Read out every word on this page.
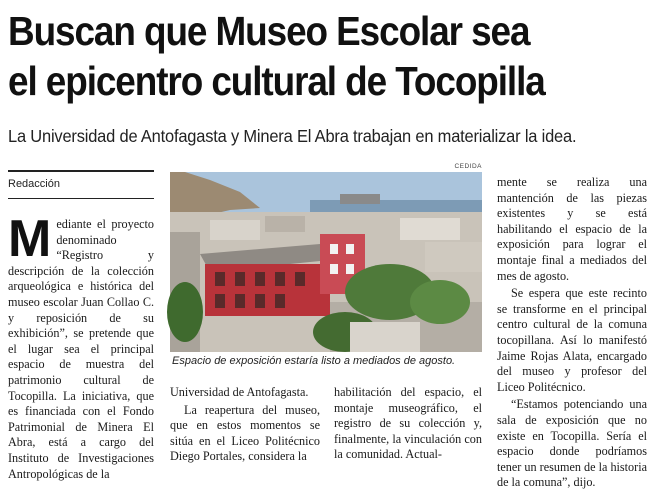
Buscan que Museo Escolar sea
el epicentro cultural de Tocopilla
La Universidad de Antofagasta y Minera El Abra trabajan en materializar la idea.
Redacción
M ediante el proyecto denominado “Registro y descripción de la colección arqueológica e histórica del museo escolar Juan Collao C. y reposición de su exhibición”, se pretende que el lugar sea el principal espacio de muestra del patrimonio cultural de Tocopilla. La iniciativa, que es financiada con el Fondo Patrimonial de Minera El Abra, está a cargo del Instituto de Investigaciones Antropológicas de la

CEDIDA
Espacio de exposición estaría listo a mediados de agosto.

Universidad de Antofagasta.

La reapertura del museo, que en estos momentos se sitúa en el Liceo Politécnico Diego Portales, considera la

habilitación del espacio, el montaje museográfico, el registro de su colección y, finalmente, la vinculación con la comunidad. Actual-

mente se realiza una mantención de las piezas existentes y se está habilitando el espacio de la exposición para lograr el montaje final a mediados del mes de agosto.

Se espera que este recinto se transforme en el principal centro cultural de la comuna tocopillana. Así lo manifestó Jaime Rojas Alata, encargado del museo y profesor del Liceo Politécnico.

“Estamos potenciando una sala de exposición que no existe en Tocopilla. Sería el espacio donde podríamos tener un resumen de la historia de la comuna”, dijo.
